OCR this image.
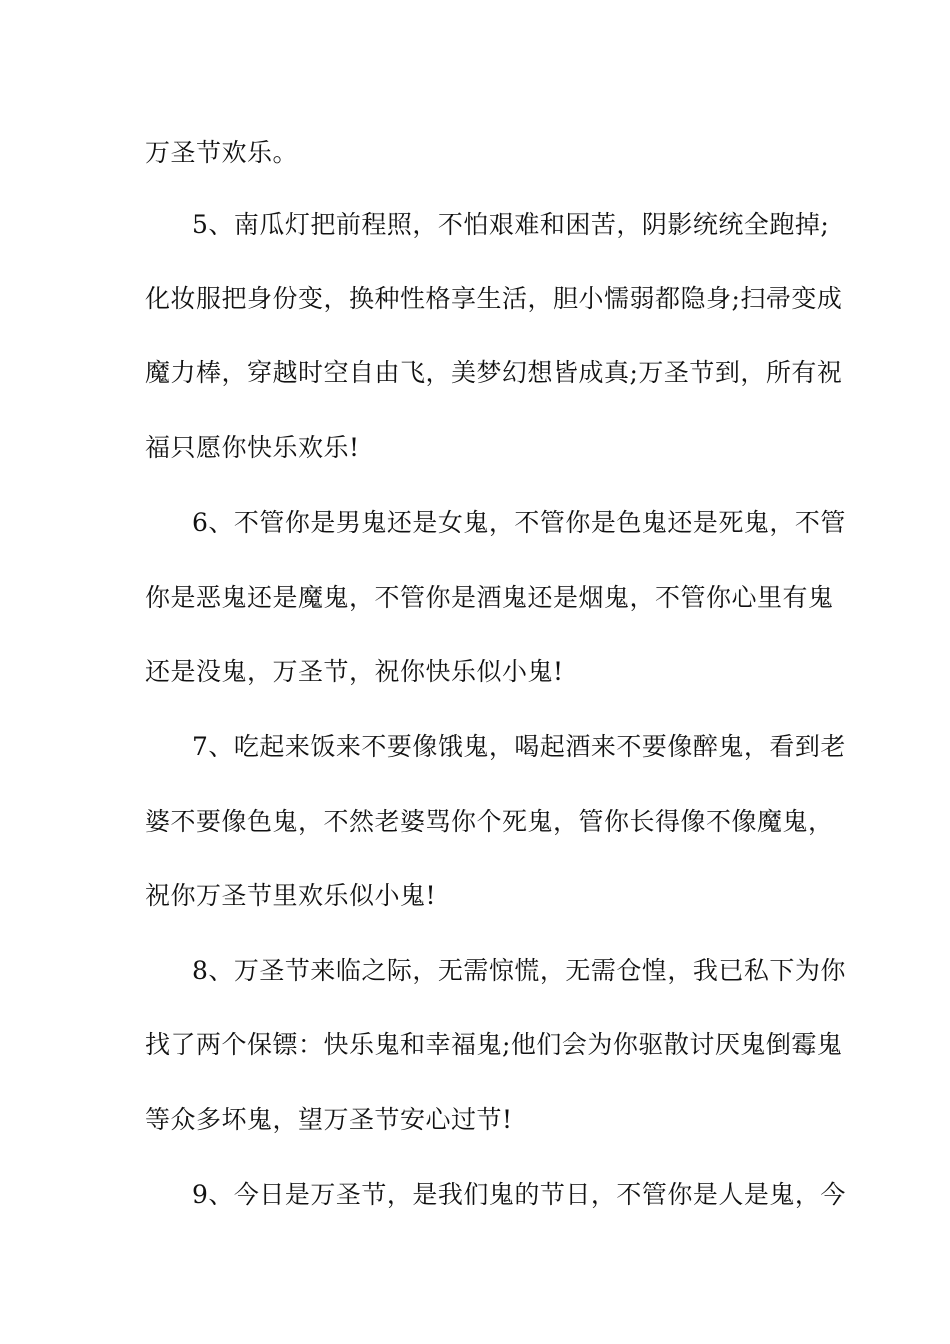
万圣节欢乐。
5、南瓜灯把前程照，不怕艰难和困苦，阴影统统全跑掉;
化妆服把身份变，换种性格享生活，胆小懦弱都隐身;扫帚变成
魔力棒，穿越时空自由飞，美梦幻想皆成真;万圣节到，所有祝
福只愿你快乐欢乐!
6、不管你是男鬼还是女鬼，不管你是色鬼还是死鬼，不管
你是恶鬼还是魔鬼，不管你是酒鬼还是烟鬼，不管你心里有鬼
还是没鬼，万圣节，祝你快乐似小鬼!
7、吃起来饭来不要像饿鬼，喝起酒来不要像醉鬼，看到老
婆不要像色鬼，不然老婆骂你个死鬼，管你长得像不像魔鬼，
祝你万圣节里欢乐似小鬼!
8、万圣节来临之际，无需惊慌，无需仓惶，我已私下为你
找了两个保镖：快乐鬼和幸福鬼;他们会为你驱散讨厌鬼倒霉鬼
等众多坏鬼，望万圣节安心过节!
9、今日是万圣节，是我们鬼的节日，不管你是人是鬼，今
